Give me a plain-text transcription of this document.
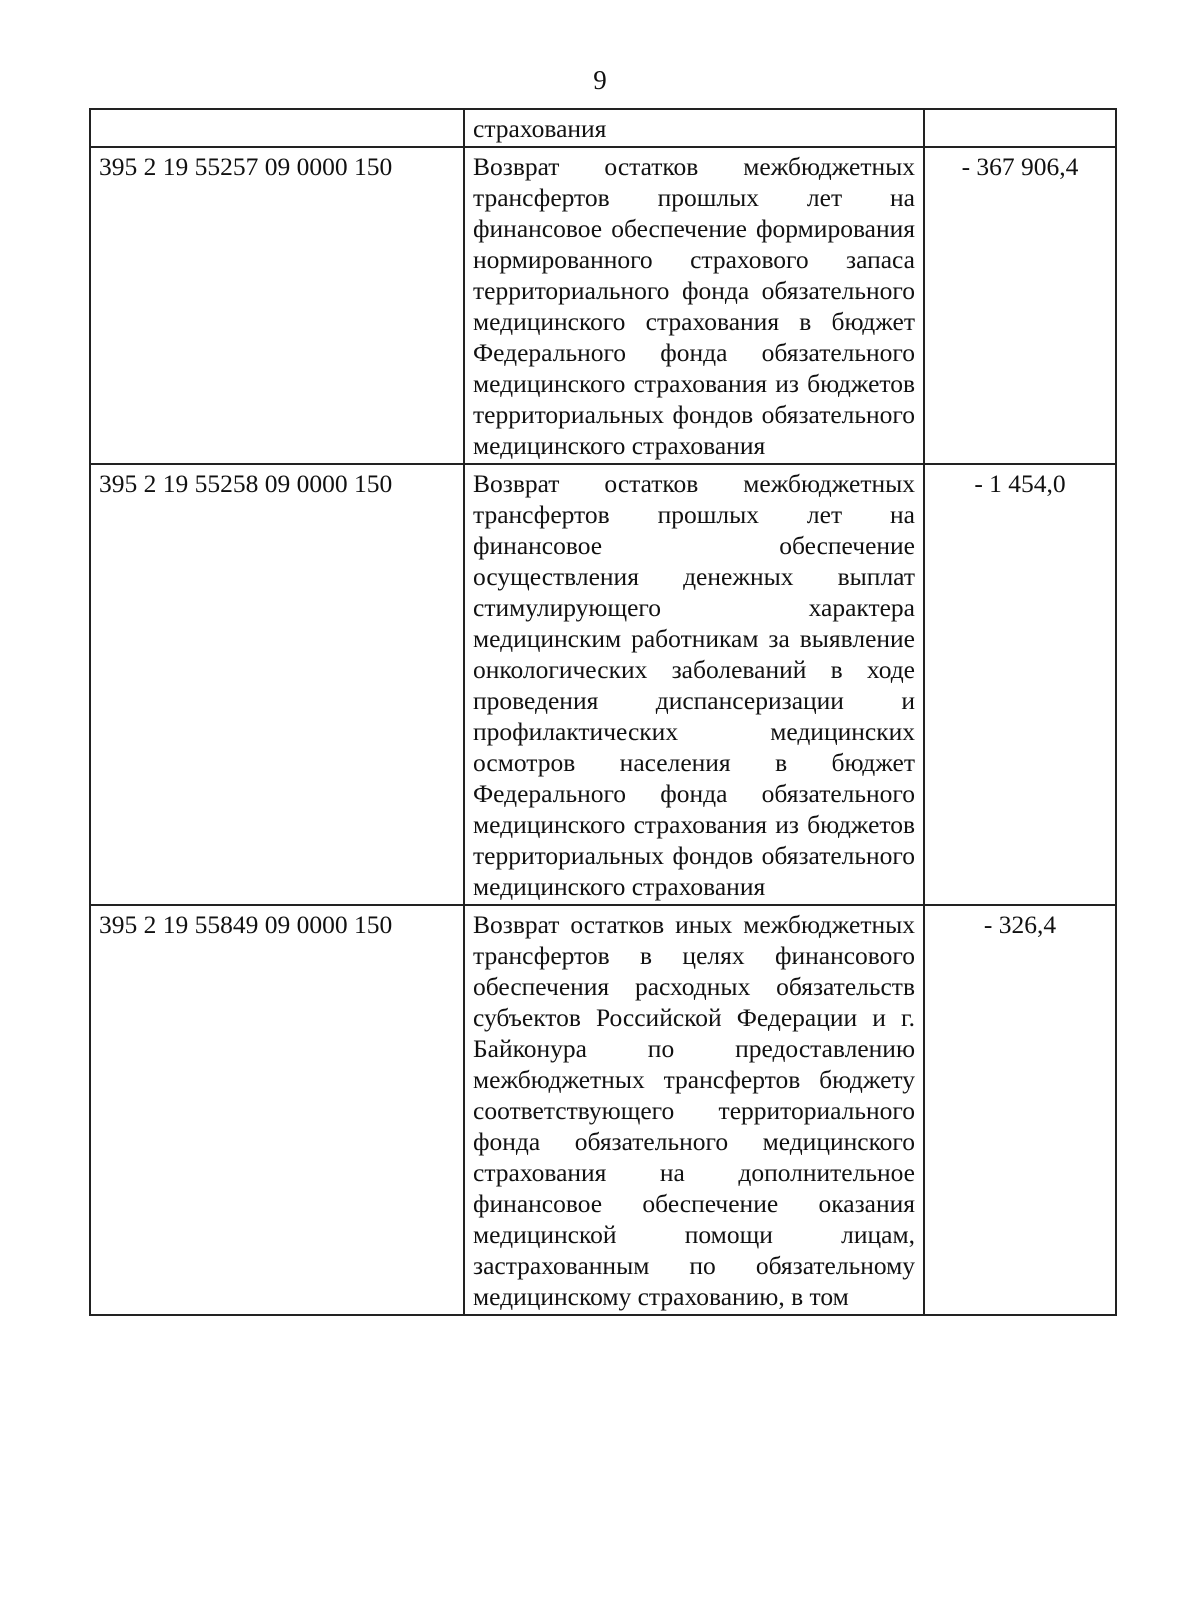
9
	страхования	
395 2 19 55257 09 0000 150	Возврат остатков межбюджетных трансфертов прошлых лет на финансовое обеспечение формирования нормированного страхового запаса территориального фонда обязательного медицинского страхования в бюджет Федерального фонда обязательного медицинского страхования из бюджетов территориальных фондов обязательного медицинского страхования	- 367 906,4
395 2 19 55258 09 0000 150	Возврат остатков межбюджетных трансфертов прошлых лет на финансовое обеспечение осуществления денежных выплат стимулирующего характера медицинским работникам за выявление онкологических заболеваний в ходе проведения диспансеризации и профилактических медицинских осмотров населения в бюджет Федерального фонда обязательного медицинского страхования из бюджетов территориальных фондов обязательного медицинского страхования	- 1 454,0
395 2 19 55849 09 0000 150	Возврат остатков иных межбюджетных трансфертов в целях финансового обеспечения расходных обязательств субъектов Российской Федерации и г. Байконура по предоставлению межбюджетных трансфертов бюджету соответствующего территориального фонда обязательного медицинского страхования на дополнительное финансовое обеспечение оказания медицинской помощи лицам, застрахованным по обязательному медицинскому страхованию, в том	- 326,4
